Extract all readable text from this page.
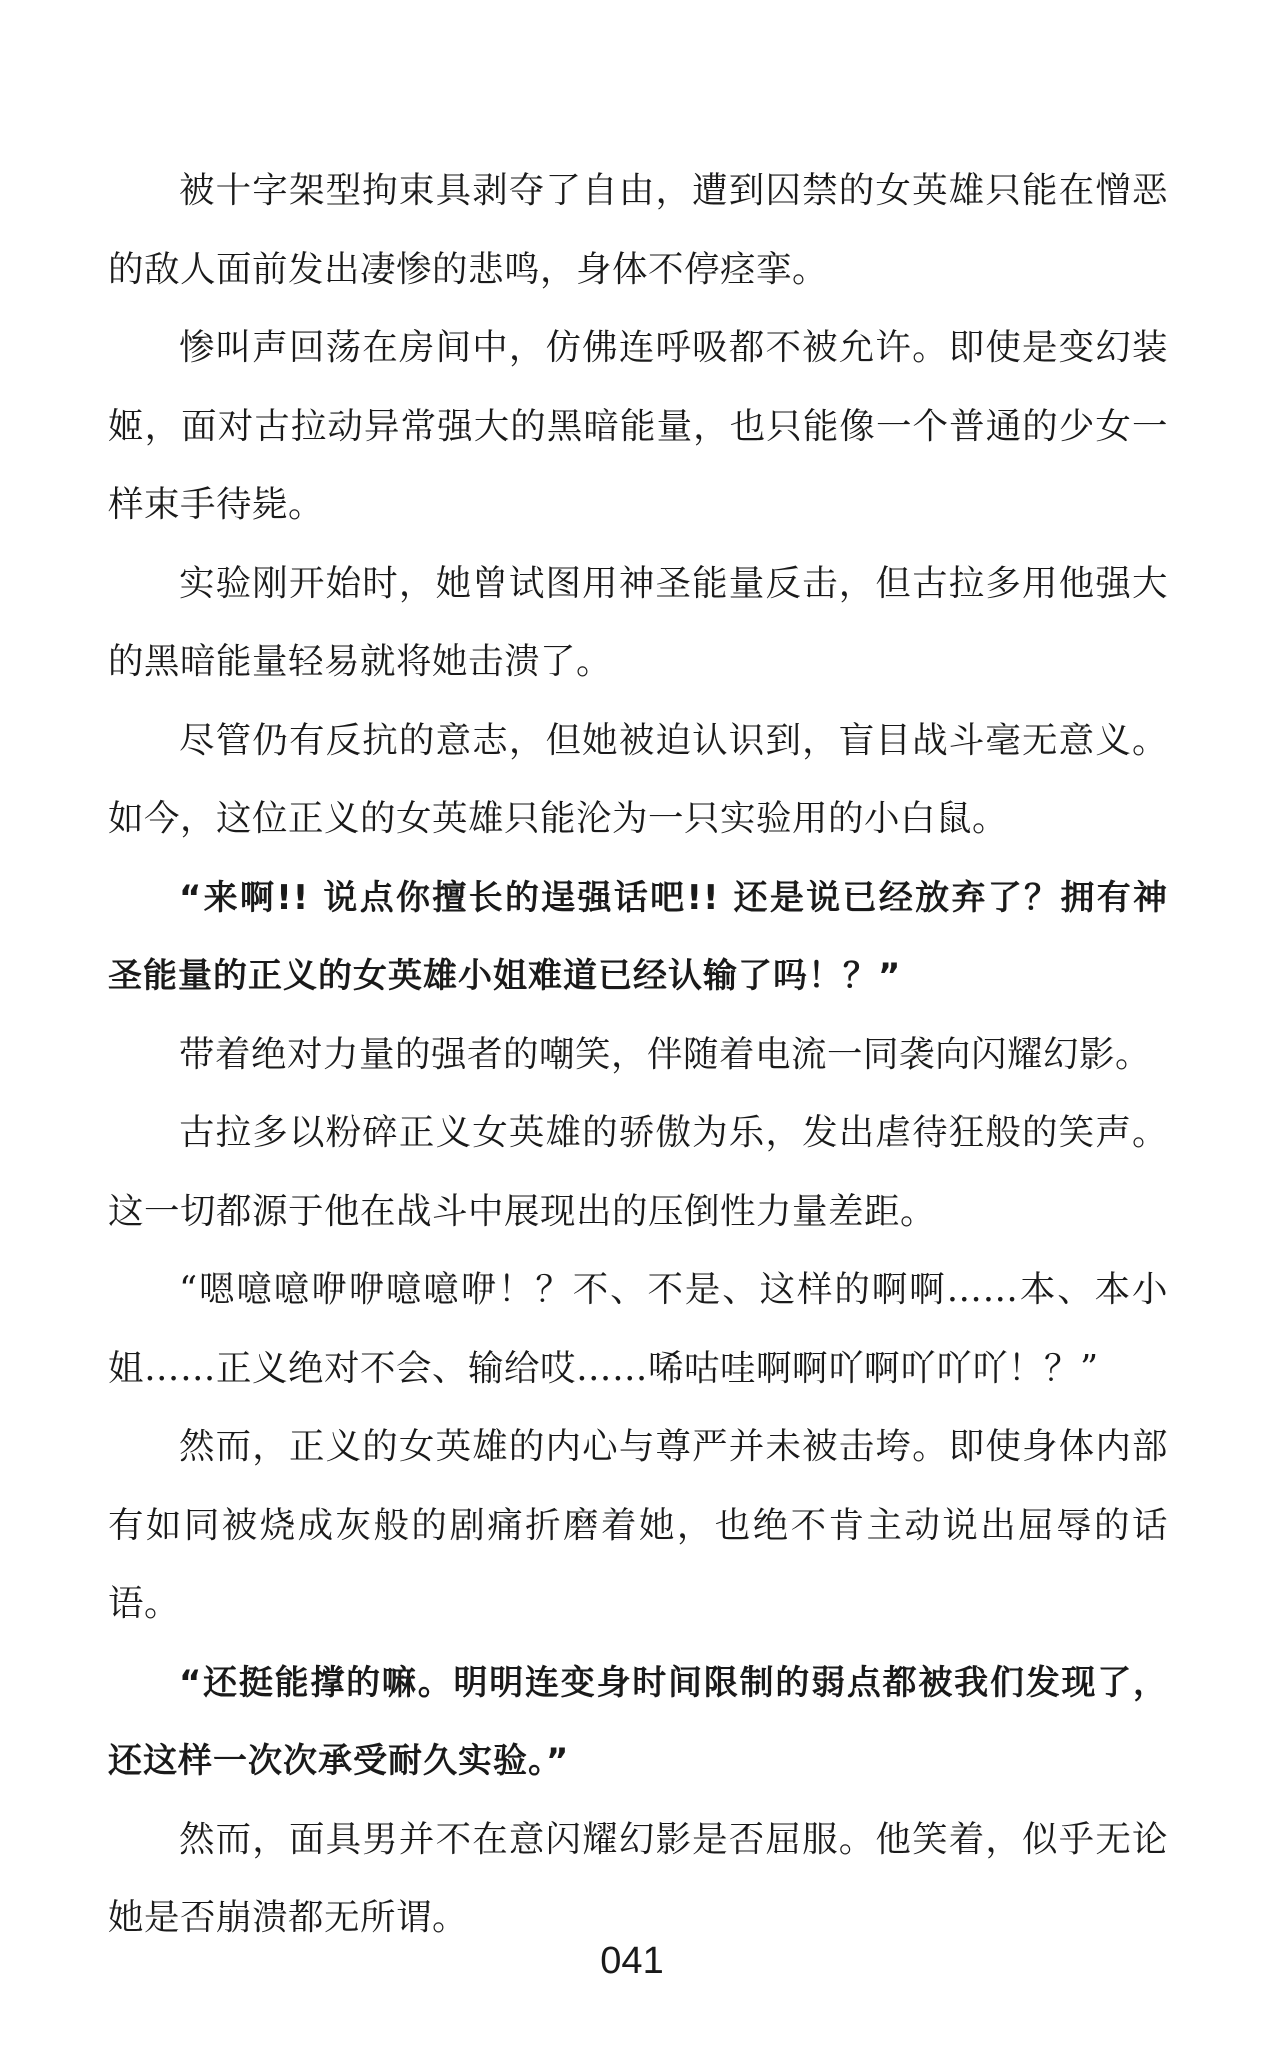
被十字架型拘束具剥夺了自由，遭到囚禁的女英雄只能在憎恶的敌人面前发出凄惨的悲鸣，身体不停痉挛。

惨叫声回荡在房间中，仿佛连呼吸都不被允许。即使是变幻装姬，面对古拉动异常强大的黑暗能量，也只能像一个普通的少女一样束手待毙。

实验刚开始时，她曾试图用神圣能量反击，但古拉多用他强大的黑暗能量轻易就将她击溃了。

尽管仍有反抗的意志，但她被迫认识到，盲目战斗毫无意义。如今，这位正义的女英雄只能沦为一只实验用的小白鼠。

“来啊!! 说点你擅长的逞强话吧!! 还是说已经放弃了？拥有神圣能量的正义的女英雄小姐难道已经认输了吗！？”

带着绝对力量的强者的嘲笑，伴随着电流一同袭向闪耀幻影。

古拉多以粉碎正义女英雄的骄傲为乐，发出虐待狂般的笑声。这一切都源于他在战斗中展现出的压倒性力量差距。

“嗯噫噫咿咿噫噫咿！？不、不是、这样的啊啊……本、本小姐……正义绝对不会、输给哎……唏咕哇啊啊吖啊吖吖吖！？”

然而，正义的女英雄的内心与尊严并未被击垮。即使身体内部有如同被烧成灰般的剧痛折磨着她，也绝不肯主动说出屈辱的话语。

“还挺能撑的嘛。明明连变身时间限制的弱点都被我们发现了，还这样一次次承受耐久实验。”

然而，面具男并不在意闪耀幻影是否屈服。他笑着，似乎无论她是否崩溃都无所谓。

041
